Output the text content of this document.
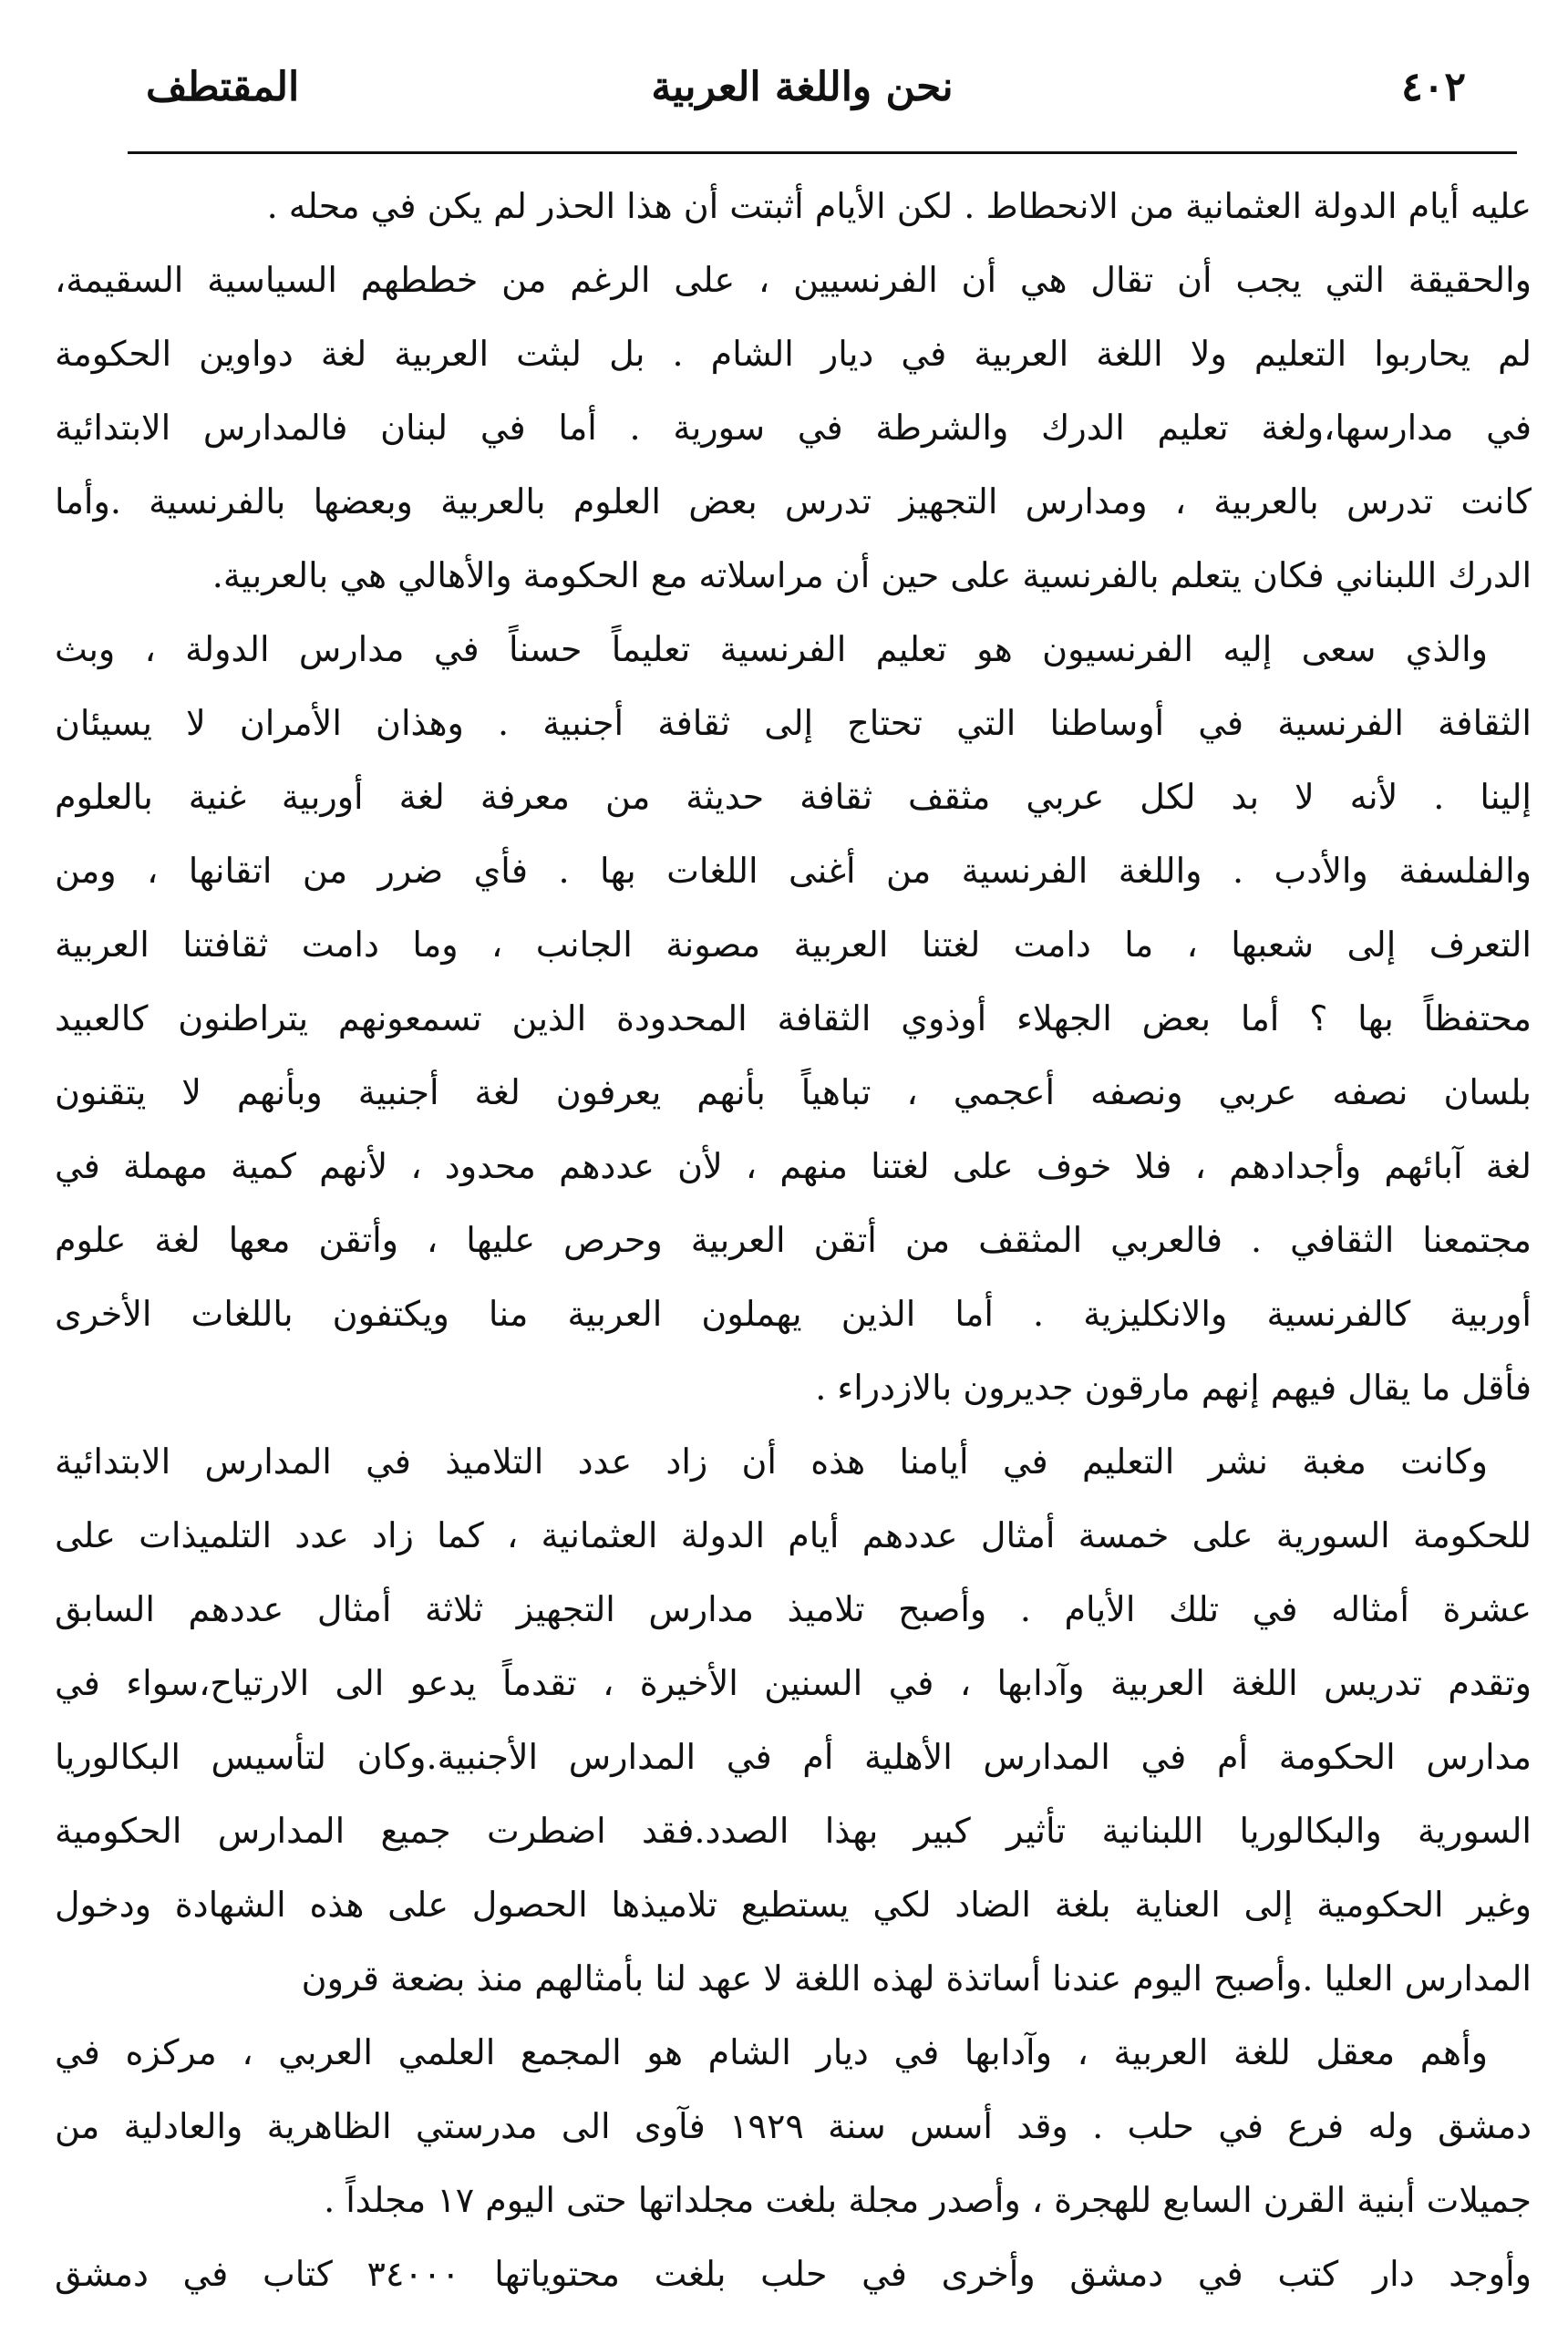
٤٠٢
نحن واللغة العربية
المقتطف
عليه أيام الدولة العثمانية من الانحطاط . لكن الأيام أثبتت أن هذا الحذر لم يكن في محله .
والحقيقة التي يجب أن تقال هي أن الفرنسيين ، على الرغم من خططهم السياسية السقيمة،
لم يحاربوا التعليم ولا اللغة العربية في ديار الشام . بل لبثت العربية لغة دواوين الحكومة
في مدارسها،ولغة تعليم الدرك والشرطة في سورية . أما في لبنان فالمدارس الابتدائية
كانت تدرس بالعربية ، ومدارس التجهيز تدرس بعض العلوم بالعربية وبعضها بالفرنسية .وأما
الدرك اللبناني فكان يتعلم بالفرنسية على حين أن مراسلاته مع الحكومة والأهالي هي بالعربية.
والذي سعى إليه الفرنسيون هو تعليم الفرنسية تعليماً حسناً في مدارس الدولة ، وبث
الثقافة الفرنسية في أوساطنا التي تحتاج إلى ثقافة أجنبية . وهذان الأمران لا يسيئان
إلينا . لأنه لا بد لكل عربي مثقف ثقافة حديثة من معرفة لغة أوربية غنية بالعلوم
والفلسفة والأدب . واللغة الفرنسية من أغنى اللغات بها . فأي ضرر من اتقانها ، ومن
التعرف إلى شعبها ، ما دامت لغتنا العربية مصونة الجانب ، وما دامت ثقافتنا العربية
محتفظاً بها ؟ أما بعض الجهلاء أوذوي الثقافة المحدودة الذين تسمعونهم يتراطنون كالعبيد
بلسان نصفه عربي ونصفه أعجمي ، تباهياً بأنهم يعرفون لغة أجنبية وبأنهم لا يتقنون
لغة آبائهم وأجدادهم ، فلا خوف على لغتنا منهم ، لأن عددهم محدود ، لأنهم كمية مهملة في
مجتمعنا الثقافي . فالعربي المثقف من أتقن العربية وحرص عليها ، وأتقن معها لغة علوم
أوربية كالفرنسية والانكليزية . أما الذين يهملون العربية منا ويكتفون باللغات الأخرى
فأقل ما يقال فيهم إنهم مارقون جديرون بالازدراء .
وكانت مغبة نشر التعليم في أيامنا هذه أن زاد عدد التلاميذ في المدارس الابتدائية
للحكومة السورية على خمسة أمثال عددهم أيام الدولة العثمانية ، كما زاد عدد التلميذات على
عشرة أمثاله في تلك الأيام . وأصبح تلاميذ مدارس التجهيز ثلاثة أمثال عددهم السابق
وتقدم تدريس اللغة العربية وآدابها ، في السنين الأخيرة ، تقدماً يدعو الى الارتياح،سواء في
مدارس الحكومة أم في المدارس الأهلية أم في المدارس الأجنبية.وكان لتأسيس البكالوريا
السورية والبكالوريا اللبنانية تأثير كبير بهذا الصدد.فقد اضطرت جميع المدارس الحكومية
وغير الحكومية إلى العناية بلغة الضاد لكي يستطيع تلاميذها الحصول على هذه الشهادة ودخول
المدارس العليا .وأصبح اليوم عندنا أساتذة لهذه اللغة لا عهد لنا بأمثالهم منذ بضعة قرون
وأهم معقل للغة العربية ، وآدابها في ديار الشام هو المجمع العلمي العربي ، مركزه في
دمشق وله فرع في حلب . وقد أسس سنة ١٩٢٩ فآوى الى مدرستي الظاهرية والعادلية من
جميلات أبنية القرن السابع للهجرة ، وأصدر مجلة بلغت مجلداتها حتى اليوم ١٧ مجلداً .
وأوجد دار كتب في دمشق وأخرى في حلب بلغت محتوياتها ٣٤٠٠٠ كتاب في دمشق
